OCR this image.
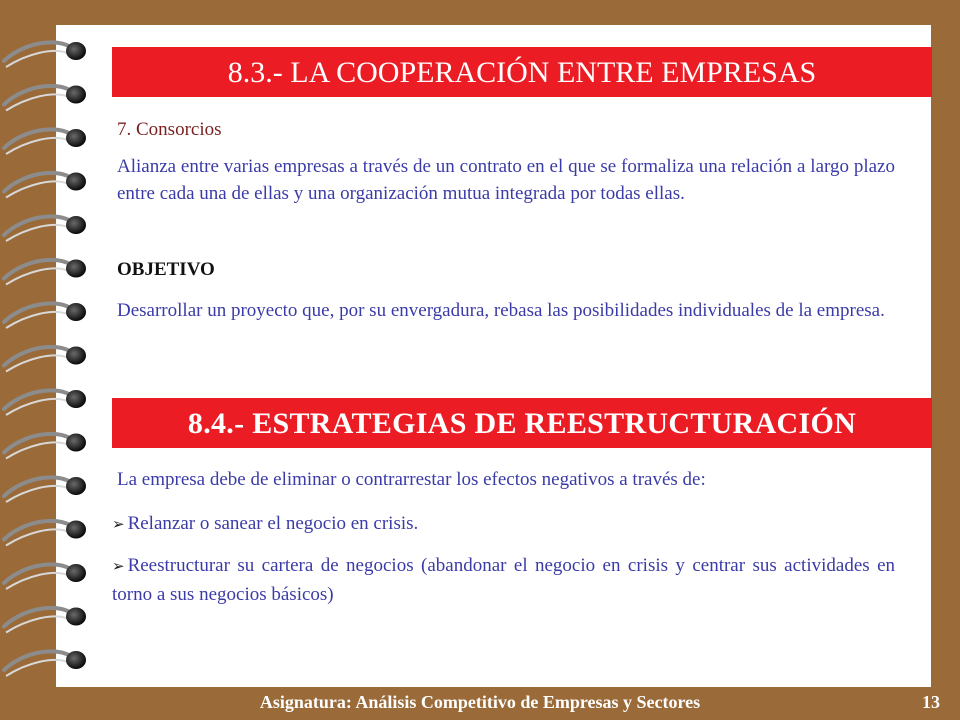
8.3.- LA COOPERACIÓN ENTRE EMPRESAS
7. Consorcios
Alianza entre varias empresas a través de un contrato en el que se formaliza una relación a largo plazo entre cada una de ellas y una organización mutua integrada por todas ellas.
OBJETIVO
Desarrollar un proyecto que, por su envergadura, rebasa las posibilidades individuales de la empresa.
8.4.- ESTRATEGIAS DE REESTRUCTURACIÓN
La empresa debe de eliminar o contrarrestar los efectos negativos a través de:
➢ Relanzar o sanear el negocio en crisis.
➢ Reestructurar su cartera de negocios (abandonar el negocio en crisis y centrar sus actividades en torno a sus negocios básicos)
Asignatura: Análisis Competitivo de Empresas y Sectores	13
